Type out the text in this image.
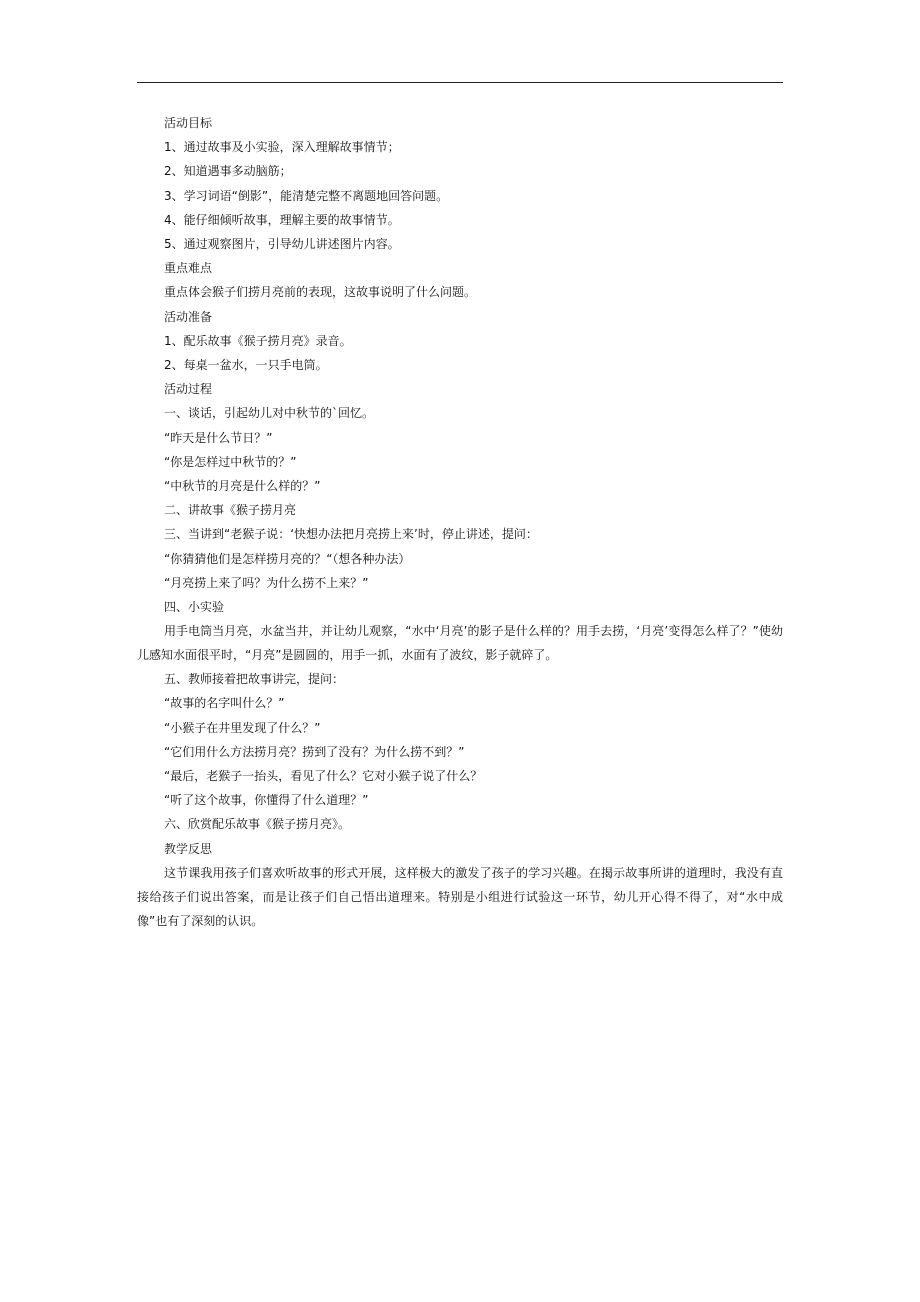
活动目标
1、通过故事及小实验，深入理解故事情节；
2、知道遇事多动脑筋；
3、学习词语“倒影”，能清楚完整不离题地回答问题。
4、能仔细倾听故事，理解主要的故事情节。
5、通过观察图片，引导幼儿讲述图片内容。
重点难点
重点体会猴子们捞月亮前的表现，这故事说明了什么问题。
活动准备
1、配乐故事《猴子捞月亮》录音。
2、每桌一盆水，一只手电筒。
活动过程
一、谈话，引起幼儿对中秋节的`回忆。
“昨天是什么节日？”
“你是怎样过中秋节的？”
“中秋节的月亮是什么样的？”
二、讲故事《猴子捞月亮
三、当讲到“老猴子说：‘快想办法把月亮捞上来’时，停止讲述，提问：
“你猜猜他们是怎样捞月亮的？“（想各种办法）
“月亮捞上来了吗？为什么捞不上来？”
四、小实验

用手电筒当月亮，水盆当井，并让幼儿观察，“水中‘月亮’的影子是什么样的？用手去捞，‘月亮’变得怎么样了？”使幼儿感知水面很平时，“月亮”是圆圆的，用手一抓，水面有了波纹，影子就碎了。

五、教师接着把故事讲完，提问：
“故事的名字叫什么？”
“小猴子在井里发现了什么？”
“它们用什么方法捞月亮？捞到了没有？为什么捞不到？”
“最后，老猴子一抬头，看见了什么？它对小猴子说了什么？
“听了这个故事，你懂得了什么道理？”
六、欣赏配乐故事《猴子捞月亮》。
教学反思

这节课我用孩子们喜欢听故事的形式开展，这样极大的激发了孩子的学习兴趣。在揭示故事所讲的道理时，我没有直接给孩子们说出答案，而是让孩子们自己悟出道理来。特别是小组进行试验这一环节，幼儿开心得不得了，对“水中成像”也有了深刻的认识。
